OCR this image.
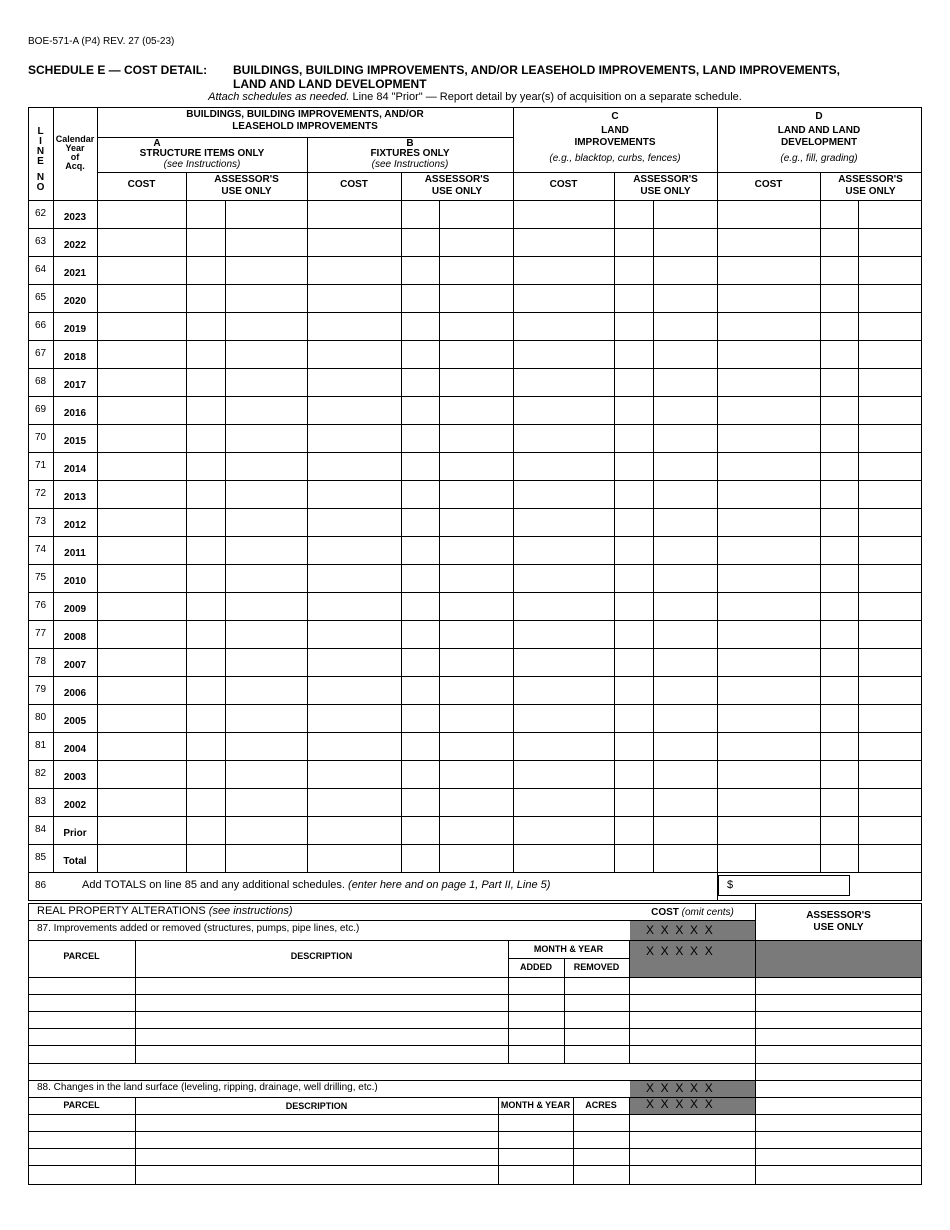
BOE-571-A (P4) REV. 27 (05-23)
SCHEDULE E — COST DETAIL: BUILDINGS, BUILDING IMPROVEMENTS, AND/OR LEASEHOLD IMPROVEMENTS, LAND IMPROVEMENTS,
LAND AND LAND DEVELOPMENT
Attach schedules as needed. Line 84 "Prior" — Report detail by year(s) of acquisition on a separate schedule.
L
I
N
E
N
O
Calendar
Year
of
Acq.
BUILDINGS, BUILDING IMPROVEMENTS, AND/OR
LEASEHOLD IMPROVEMENTS
A
STRUCTURE ITEMS ONLY
(see Instructions)
B
FIXTURES ONLY
(see Instructions)
C
LAND
IMPROVEMENTS
(e.g., blacktop, curbs, fences)
D
LAND AND LAND
DEVELOPMENT
(e.g., fill, grading)
COST	ASSESSOR'S
USE ONLY
COST	ASSESSOR'S
USE ONLY
COST	ASSESSOR'S
USE ONLY
COST	ASSESSOR'S
USE ONLY
62	2023
63	2022
64	2021
65	2020
66	2019
67	2018
68	2017
69	2016
70	2015
71	2014
72	2013
73	2012
74	2011
75	2010
76	2009
77	2008
78	2007
79	2006
80	2005
81	2004
82	2003
83	2002
84	Prior
85	Total
86	Add TOTALS on line 85 and any additional schedules. (enter here and on page 1, Part II, Line 5)	$
REAL PROPERTY ALTERATIONS (see instructions)	COST (omit cents)	ASSESSOR'S
USE ONLY
87. Improvements added or removed (structures, pumps, pipe lines, etc.)	X  X  X  X  X
X  X  X  X  X
PARCEL	DESCRIPTION
MONTH & YEAR
ADDED	REMOVED
88. Changes in the land surface (leveling, ripping, drainage, well drilling, etc.)	X  X  X  X  X
X  X  X  X  X
PARCEL	DESCRIPTION	MONTH & YEAR	ACRES
